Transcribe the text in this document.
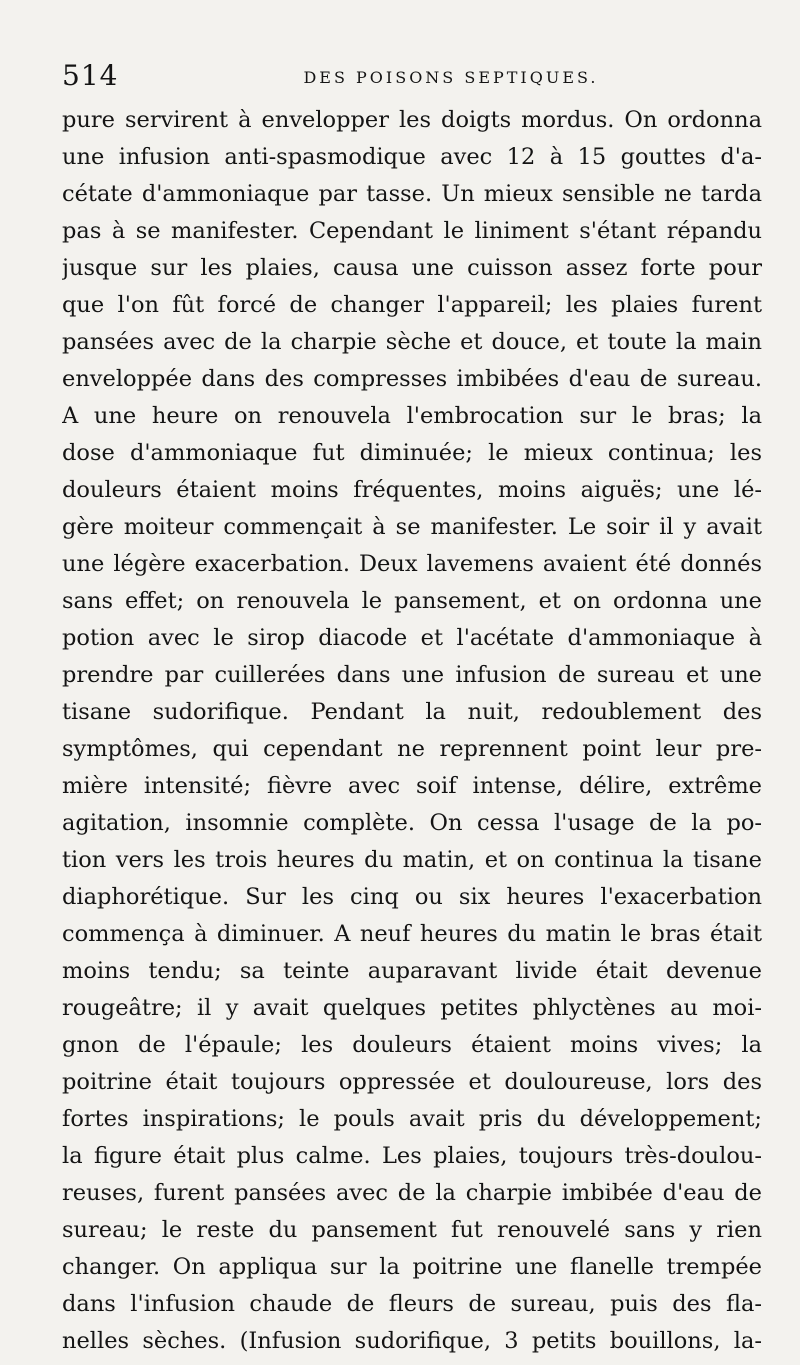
514	DES POISONS SEPTIQUES.
pure servirent à envelopper les doigts mordus. On ordonna
une infusion anti-spasmodique avec 12 à 15 gouttes d'a-
cétate d'ammoniaque par tasse. Un mieux sensible ne tarda
pas à se manifester. Cependant le liniment s'étant répandu
jusque sur les plaies, causa une cuisson assez forte pour
que l'on fût forcé de changer l'appareil; les plaies furent
pansées avec de la charpie sèche et douce, et toute la main
enveloppée dans des compresses imbibées d'eau de sureau.
A une heure on renouvela l'embrocation sur le bras; la
dose d'ammoniaque fut diminuée; le mieux continua; les
douleurs étaient moins fréquentes, moins aiguës; une lé-
gère moiteur commençait à se manifester. Le soir il y avait
une légère exacerbation. Deux lavemens avaient été donnés
sans effet; on renouvela le pansement, et on ordonna une
potion avec le sirop diacode et l'acétate d'ammoniaque à
prendre par cuillerées dans une infusion de sureau et une
tisane sudorifique. Pendant la nuit, redoublement des
symptômes, qui cependant ne reprennent point leur pre-
mière intensité; fièvre avec soif intense, délire, extrême
agitation, insomnie complète. On cessa l'usage de la po-
tion vers les trois heures du matin, et on continua la tisane
diaphorétique. Sur les cinq ou six heures l'exacerbation
commença à diminuer. A neuf heures du matin le bras était
moins tendu; sa teinte auparavant livide était devenue
rougeâtre; il y avait quelques petites phlyctènes au moi-
gnon de l'épaule; les douleurs étaient moins vives; la
poitrine était toujours oppressée et douloureuse, lors des
fortes inspirations; le pouls avait pris du développement;
la figure était plus calme. Les plaies, toujours très-doulou-
reuses, furent pansées avec de la charpie imbibée d'eau de
sureau; le reste du pansement fut renouvelé sans y rien
changer. On appliqua sur la poitrine une flanelle trempée
dans l'infusion chaude de fleurs de sureau, puis des fla-
nelles sèches. (Infusion sudorifique, 3 petits bouillons, la-
